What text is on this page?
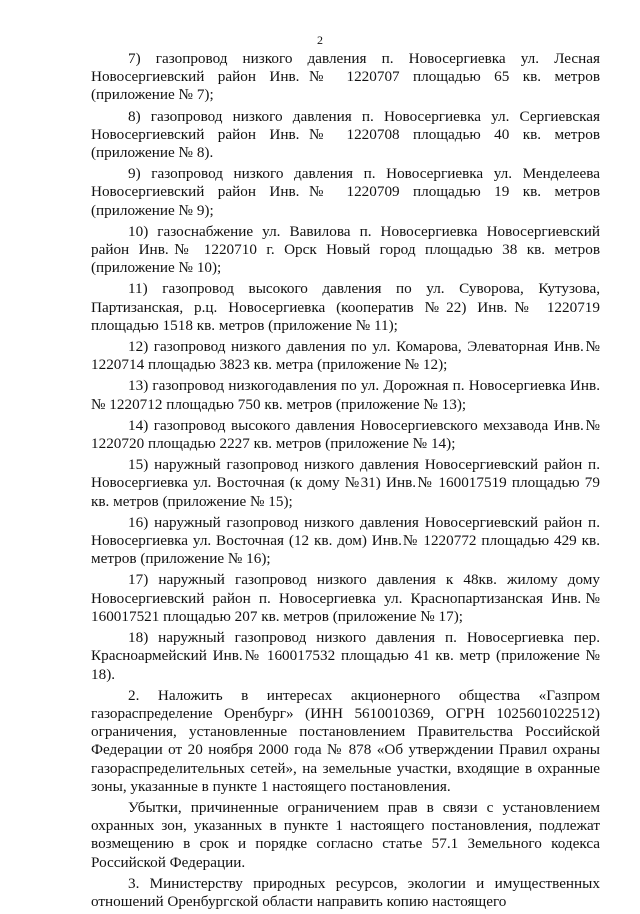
2

7) газопровод низкого давления п. Новосергиевка ул. Лесная Новосергиевский район Инв.№ 1220707 площадью 65 кв. метров (приложение № 7);

8) газопровод низкого давления п. Новосергиевка ул. Сергиевская Новосергиевский район Инв.№ 1220708 площадью 40 кв. метров (приложение № 8).

9) газопровод низкого давления п. Новосергиевка ул. Менделеева Новосергиевский район Инв.№ 1220709 площадью 19 кв. метров (приложение № 9);

10) газоснабжение ул. Вавилова п. Новосергиевка Новосергиевский район Инв.№ 1220710 г. Орск Новый город площадью 38 кв. метров (приложение № 10);

11) газопровод высокого давления по ул. Суворова, Кутузова, Партизанская, р.ц. Новосергиевка (кооператив №22) Инв.№ 1220719 площадью 1518 кв. метров (приложение № 11);

12) газопровод низкого давления по ул. Комарова, Элеваторная Инв.№ 1220714 площадью 3823 кв. метра (приложение № 12);

13) газопровод низкогодавления по ул. Дорожная п. Новосергиевка Инв.№ 1220712 площадью 750 кв. метров (приложение № 13);

14) газопровод высокого давления Новосергиевского мехзавода Инв.№ 1220720 площадью 2227 кв. метров (приложение № 14);

15) наружный газопровод низкого давления Новосергиевский район п. Новосергиевка ул. Восточная (к дому №31) Инв.№ 160017519 площадью 79 кв. метров (приложение № 15);

16) наружный газопровод низкого давления Новосергиевский район п. Новосергиевка ул. Восточная (12 кв. дом) Инв.№ 1220772 площадью 429 кв. метров (приложение № 16);

17) наружный газопровод низкого давления к 48кв. жилому дому Новосергиевский район п. Новосергиевка ул. Краснопартизанская Инв.№ 160017521 площадью 207 кв. метров (приложение № 17);

18) наружный газопровод низкого давления п. Новосергиевка пер. Красноармейский Инв.№ 160017532 площадью 41 кв. метр (приложение № 18).

2. Наложить в интересах акционерного общества «Газпром газораспределение Оренбург» (ИНН 5610010369, ОГРН 1025601022512) ограничения, установленные постановлением Правительства Российской Федерации от 20 ноября 2000 года № 878 «Об утверждении Правил охраны газораспределительных сетей», на земельные участки, входящие в охранные зоны, указанные в пункте 1 настоящего постановления.

Убытки, причиненные ограничением прав в связи с установлением охранных зон, указанных в пункте 1 настоящего постановления, подлежат возмещению в срок и порядке согласно статье 57.1 Земельного кодекса Российской Федерации.

3. Министерству природных ресурсов, экологии и имущественных отношений Оренбургской области направить копию настоящего
